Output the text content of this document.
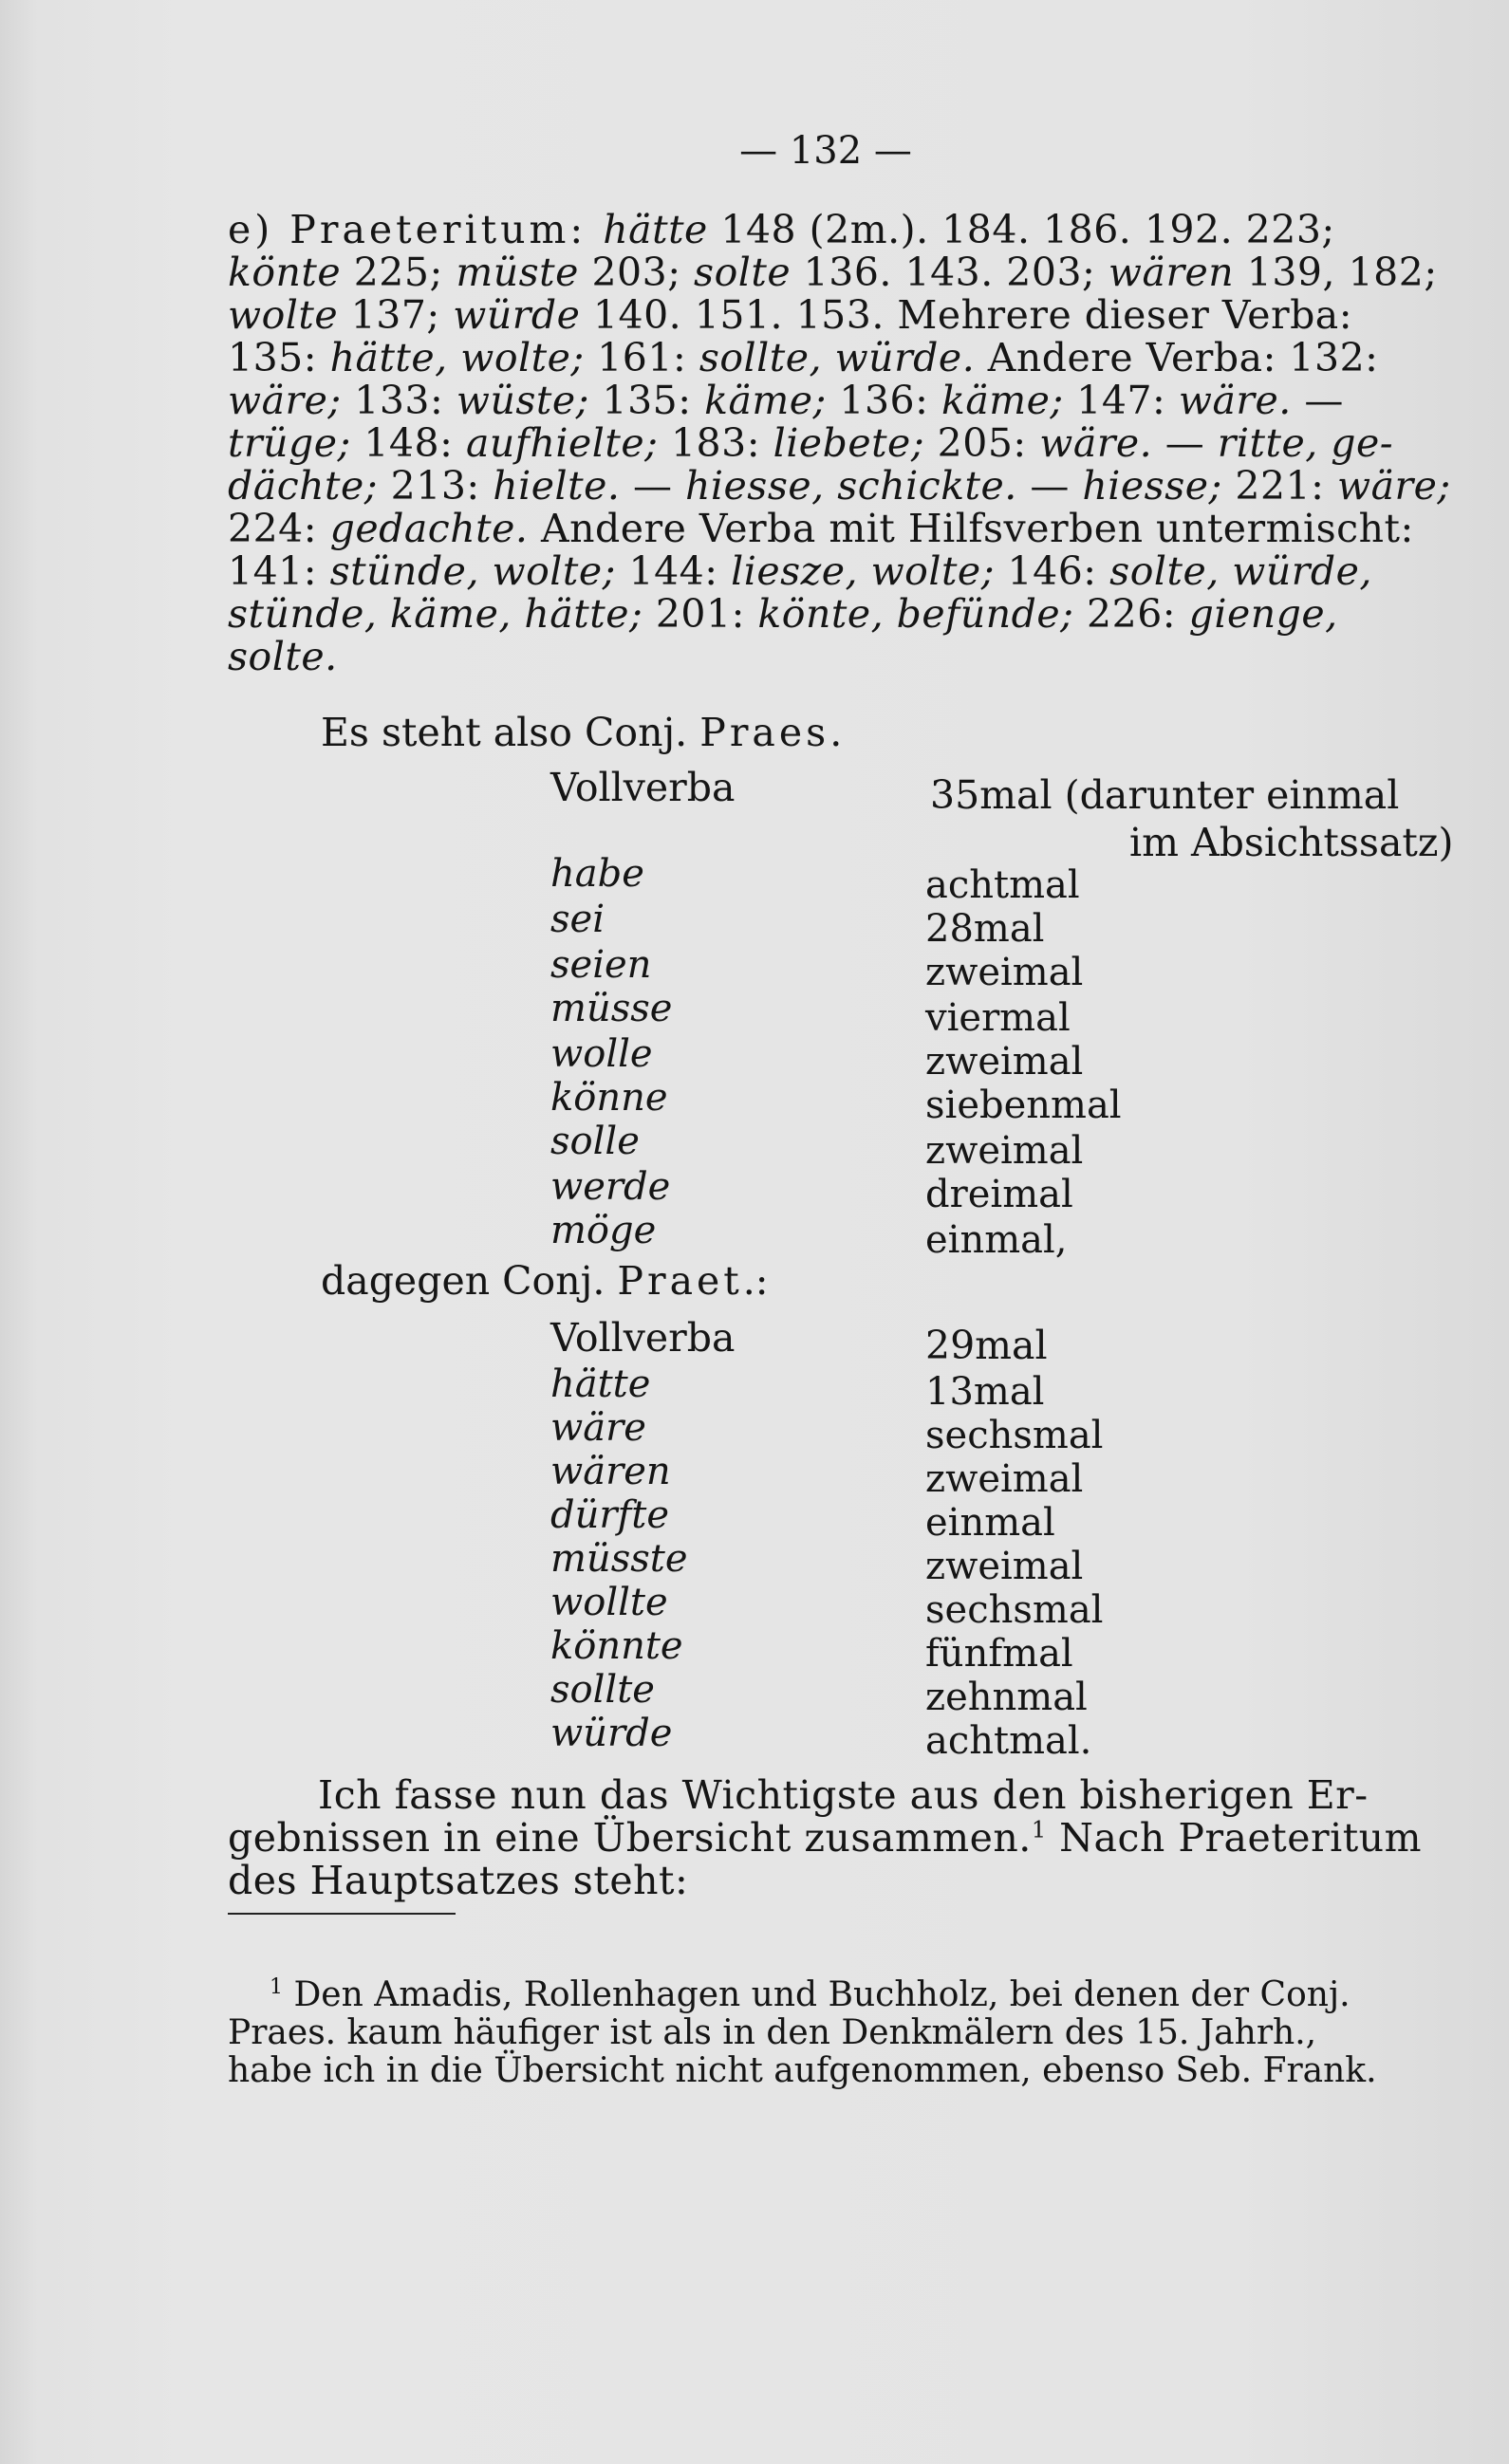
— 132 —
e) Praeteritum: hätte 148 (2m.). 184. 186. 192. 223;
könte 225; müste 203; solte 136. 143. 203; wären 139, 182;
wolte 137; würde 140. 151. 153. Mehrere dieser Verba:
135: hätte, wolte; 161: sollte, würde. Andere Verba: 132:
wäre; 133: wüste; 135: käme; 136: käme; 147: wäre. —
trüge; 148: aufhielte; 183: liebete; 205: wäre. — ritte, ge-
dächte; 213: hielte. — hiesse, schickte. — hiesse; 221: wäre;
224: gedachte. Andere Verba mit Hilfsverben untermischt:
141: stünde, wolte; 144: liesze, wolte; 146: solte, würde,
stünde, käme, hätte; 201: könte, befünde; 226: gienge,
solte.
Es steht also Conj. Praes.
Vollverba	35mal (darunter einmal
im Absichtssatz)
habe	achtmal
sei	28mal
seien	zweimal
müsse	viermal
wolle	zweimal
könne	siebenmal
solle	zweimal
werde	dreimal
möge	einmal,
dagegen Conj. Praet.:
Vollverba	29mal
hätte	13mal
wäre	sechsmal
wären	zweimal
dürfte	einmal
müsste	zweimal
wollte	sechsmal
könnte	fünfmal
sollte	zehnmal
würde	achtmal.
Ich fasse nun das Wichtigste aus den bisherigen Er-
gebnissen in eine Übersicht zusammen.$^1$ Nach Praeteritum
des Hauptsatzes steht:
$^1$ Den Amadis, Rollenhagen und Buchholz, bei denen der Conj.
Praes. kaum häufiger ist als in den Denkmälern des 15. Jahrh.,
habe ich in die Übersicht nicht aufgenommen, ebenso Seb. Frank.
